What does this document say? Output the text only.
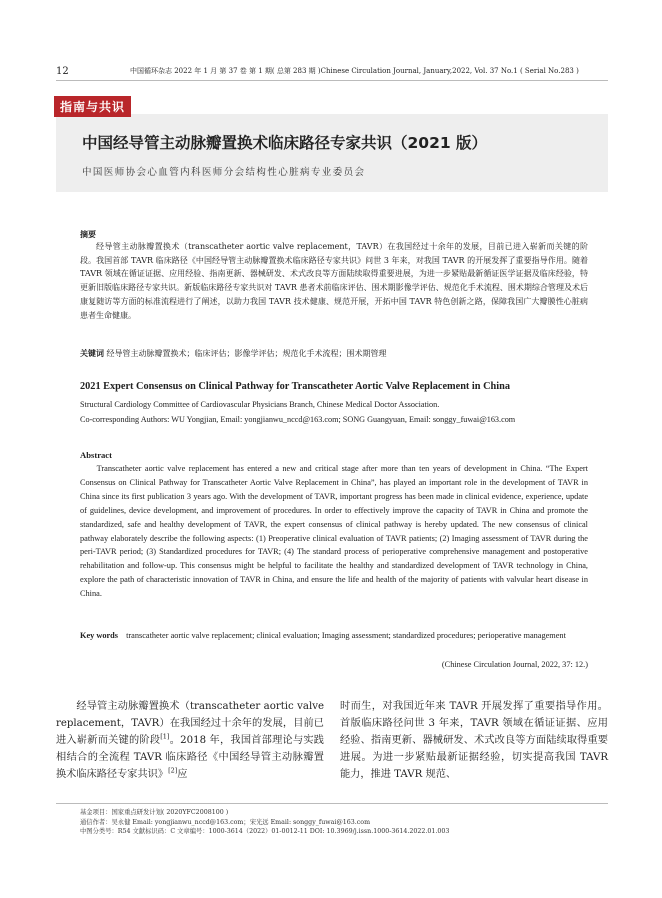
12	中国循环杂志 2022 年 1 月 第 37 卷 第 1 期( 总第 283 期 )Chinese Circulation Journal, January,2022, Vol. 37 No.1 ( Serial No.283 )
指南与共识
中国经导管主动脉瓣置换术临床路径专家共识（2021 版）
中国医师协会心血管内科医师分会结构性心脏病专业委员会
摘要

经导管主动脉瓣置换术（transcatheter aortic valve replacement，TAVR）在我国经过十余年的发展，目前已进入崭新而关键的阶段。我国首部 TAVR 临床路径《中国经导管主动脉瓣置换术临床路径专家共识》问世 3 年来，对我国 TAVR 的开展发挥了重要指导作用。随着 TAVR 领域在循证证据、应用经验、指南更新、器械研发、术式改良等方面陆续取得重要进展，为进一步紧贴最新循证医学证据及临床经验，特更新旧版临床路径专家共识。新版临床路径专家共识对 TAVR 患者术前临床评估、围术期影像学评估、规范化手术流程、围术期综合管理及术后康复随访等方面的标准流程进行了阐述，以助力我国 TAVR 技术健康、规范开展，开拓中国 TAVR 特色创新之路，保障我国广大瓣膜性心脏病患者生命健康。

关键词 经导管主动脉瓣置换术；临床评估；影像学评估；规范化手术流程；围术期管理
2021 Expert Consensus on Clinical Pathway for Transcatheter Aortic Valve Replacement in China
Structural Cardiology Committee of Cardiovascular Physicians Branch, Chinese Medical Doctor Association.
Co-corresponding Authors: WU Yongjian, Email: yongjianwu_nccd@163.com; SONG Guangyuan, Email: songgy_fuwai@163.com
Abstract

Transcatheter aortic valve replacement has entered a new and critical stage after more than ten years of development in China. “The Expert Consensus on Clinical Pathway for Transcatheter Aortic Valve Replacement in China”, has played an important role in the development of TAVR in China since its first publication 3 years ago. With the development of TAVR, important progress has been made in clinical evidence, experience, update of guidelines, device development, and improvement of procedures. In order to effectively improve the capacity of TAVR in China and promote the standardized, safe and healthy development of TAVR, the expert consensus of clinical pathway is hereby updated. The new consensus of clinical pathway elaborately describe the following aspects: (1) Preoperative clinical evaluation of TAVR patients; (2) Imaging assessment of TAVR during the peri-TAVR period; (3) Standardized procedures for TAVR; (4) The standard process of perioperative comprehensive management and postoperative rehabilitation and follow-up. This consensus might be helpful to facilitate the healthy and standardized development of TAVR technology in China, explore the path of characteristic innovation of TAVR in China, and ensure the life and health of the majority of patients with valvular heart disease in China.

Key words transcatheter aortic valve replacement; clinical evaluation; Imaging assessment; standardized procedures; perioperative management
(Chinese Circulation Journal, 2022, 37: 12.)

经导管主动脉瓣置换术（transcatheter aortic valve replacement，TAVR）在我国经过十余年的发展，目前已进入崭新而关键的阶段[1]。2018 年，我国首部理论与实践相结合的全流程 TAVR 临床路径《中国经导管主动脉瓣置换术临床路径专家共识》[2]应

时而生，对我国近年来 TAVR 开展发挥了重要指导作用。首版临床路径问世 3 年来，TAVR 领域在循证证据、应用经验、指南更新、器械研发、术式改良等方面陆续取得重要进展。为进一步紧贴最新证据经验，切实提高我国 TAVR 能力，推进 TAVR 规范、

基金项目：国家重点研发计划( 2020YFC2008100 )
通信作者：吴永健 Email: yongjianwu_nccd@163.com；宋光远 Email: songgy_fuwai@163.com
中图分类号：R54 文献标识码：C 文章编号：1000-3614（2022）01-0012-11 DOI: 10.3969/j.issn.1000-3614.2022.01.003
